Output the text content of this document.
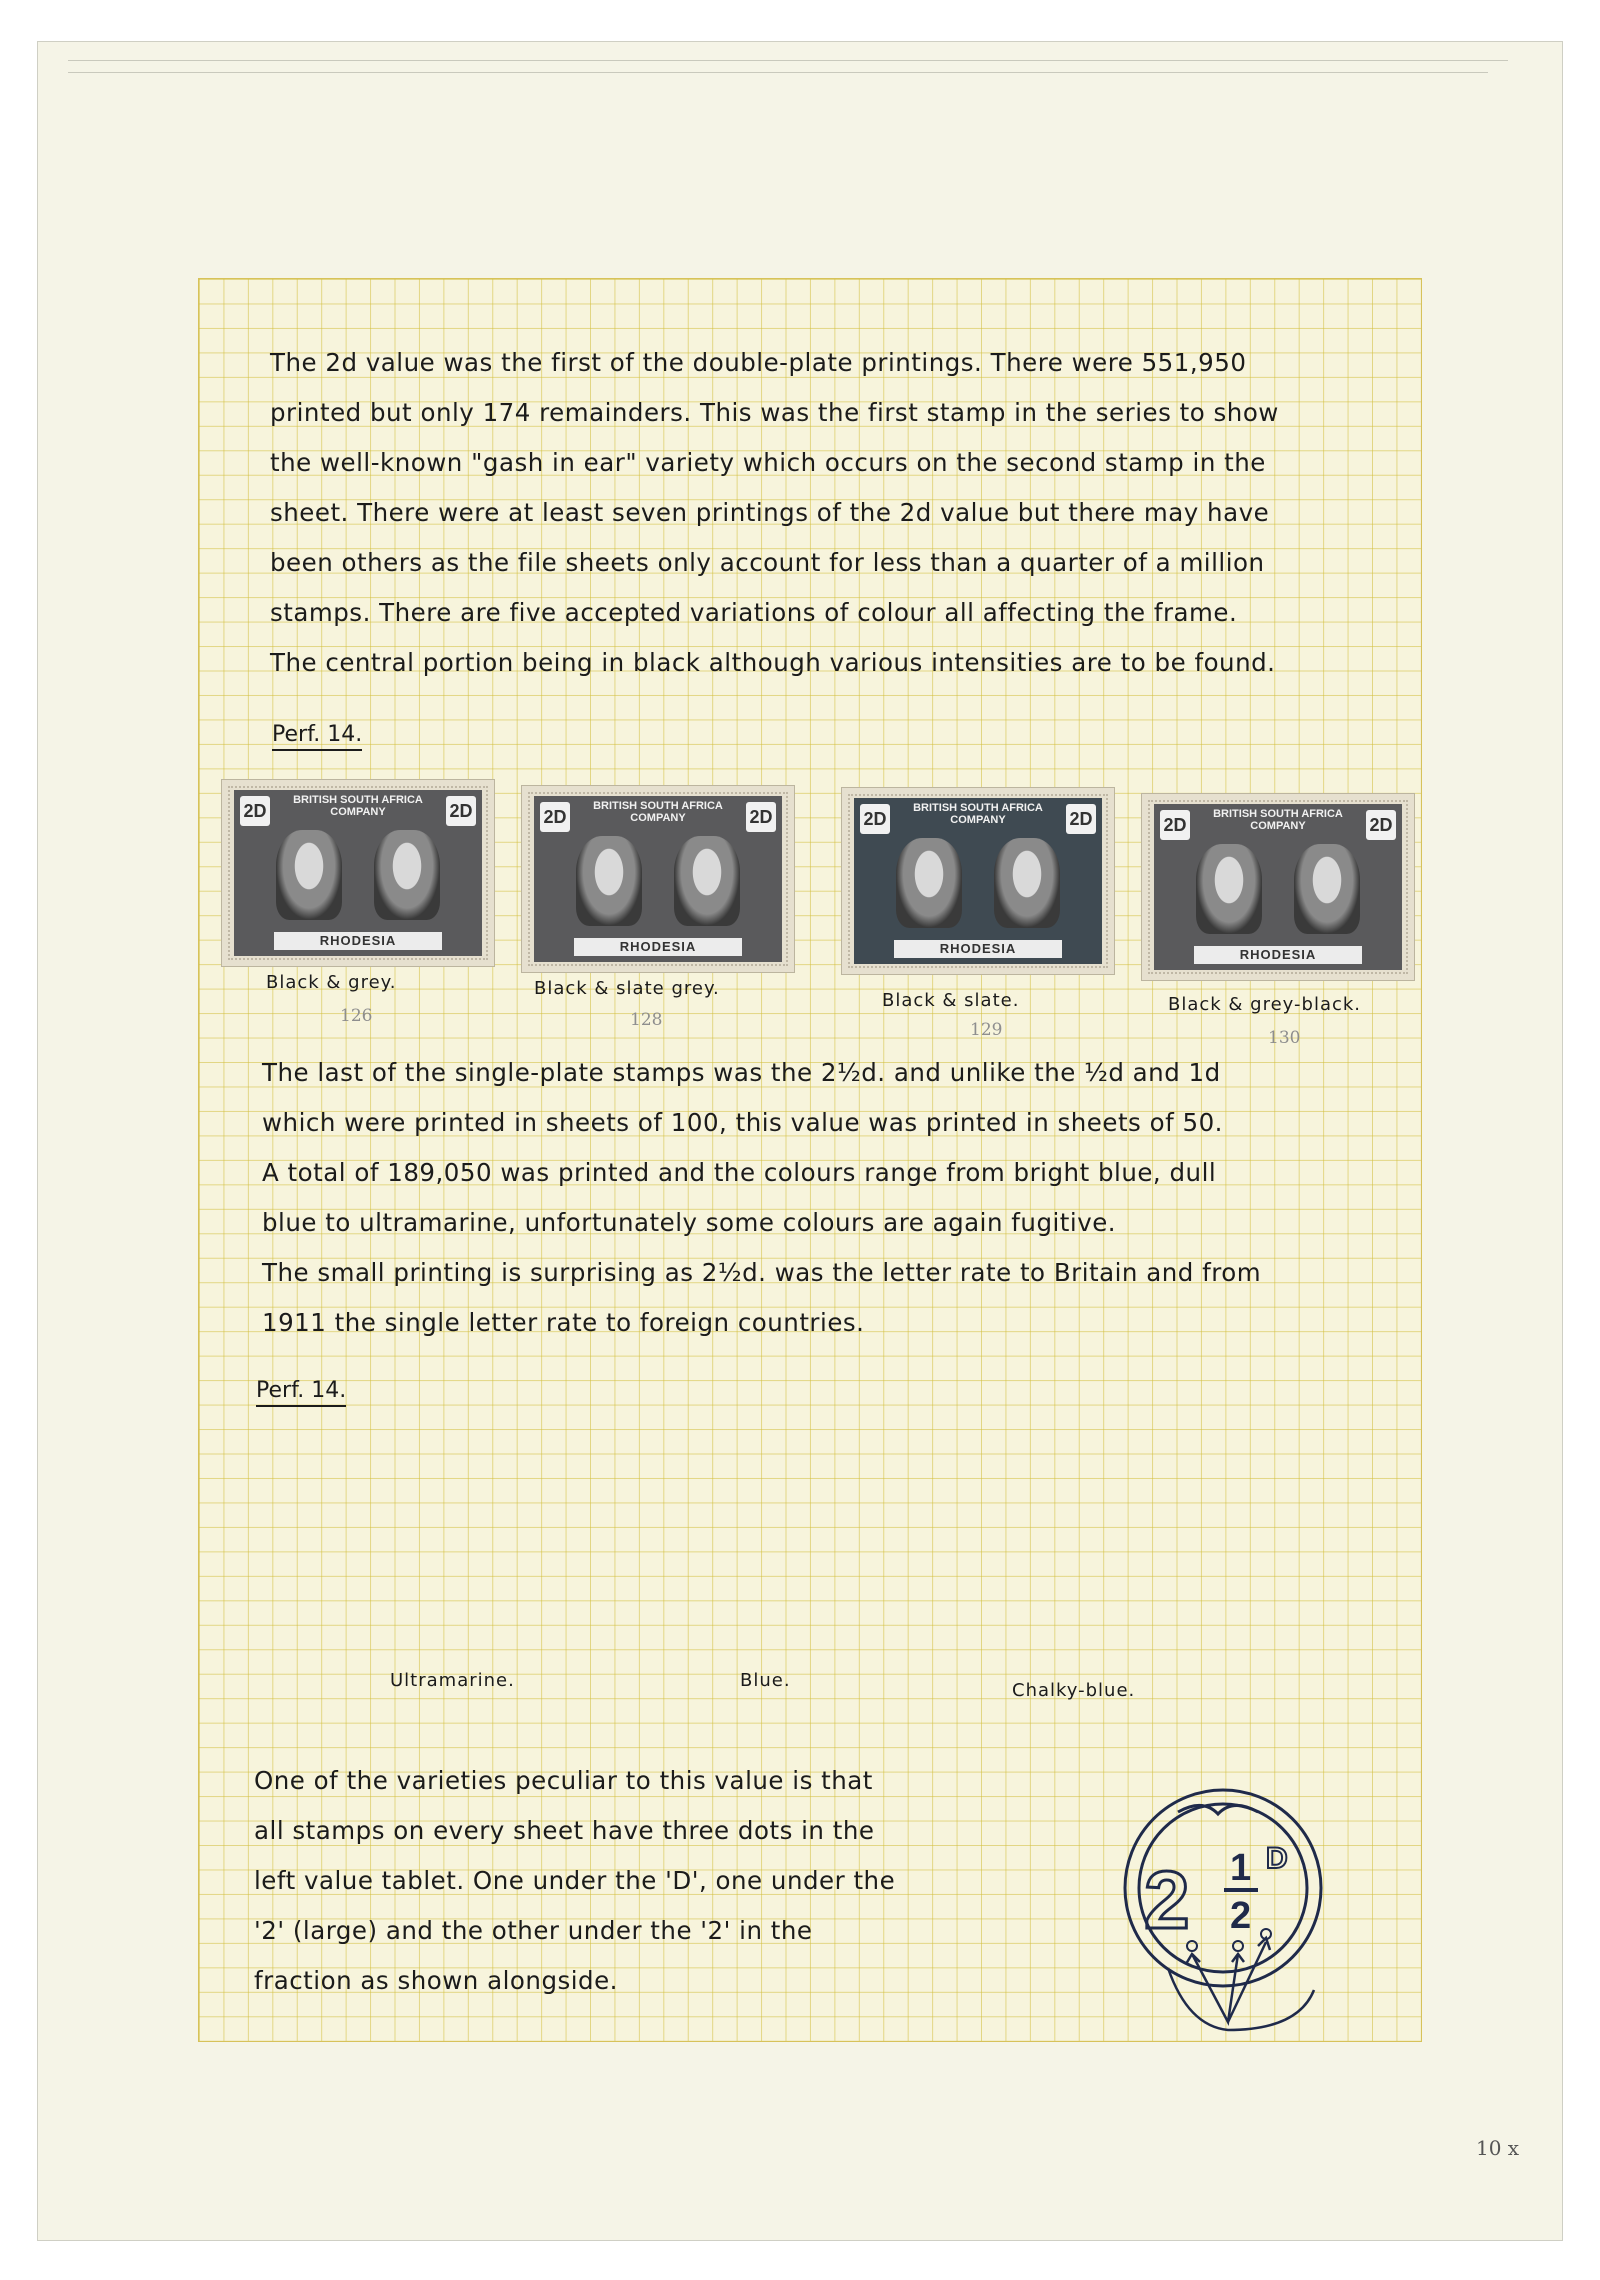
The 2d value was the first of the double-plate printings. There were 551,950
printed but only 174 remainders. This was the first stamp in the series to show
the well-known "gash in ear" variety which occurs on the second stamp in the
sheet. There were at least seven printings of the 2d value but there may have
been others as the file sheets only account for less than a quarter of a million
stamps. There are five accepted variations of colour all affecting the frame.
The central portion being in black although various intensities are to be found.

Perf. 14.
2D
BRITISH SOUTH AFRICA
COMPANY	2D
RHODESIA
2D
BRITISH SOUTH AFRICA
COMPANY	2D
RHODESIA
2D
BRITISH SOUTH AFRICA
COMPANY	2D
RHODESIA
2D
BRITISH SOUTH AFRICA
COMPANY	2D
RHODESIA
Black & grey.
126
Black & slate grey.
128
Black & slate.
129
Black & grey-black.
130

The last of the single-plate stamps was the 2½d. and unlike the ½d and 1d
which were printed in sheets of 100, this value was printed in sheets of 50.
A total of 189,050 was printed and the colours range from bright blue, dull
blue to ultramarine, unfortunately some colours are again fugitive.
The small printing is surprising as 2½d. was the letter rate to Britain and from
1911 the single letter rate to foreign countries.

Perf. 14.
Ultramarine.	Blue.	Chalky-blue.

One of the varieties peculiar to this value is that
all stamps on every sheet have three dots in the
left value tablet. One under the 'D', one under the
'2' (large) and the other under the '2' in the
fraction as shown alongside.

2 1
2
D
10 x
